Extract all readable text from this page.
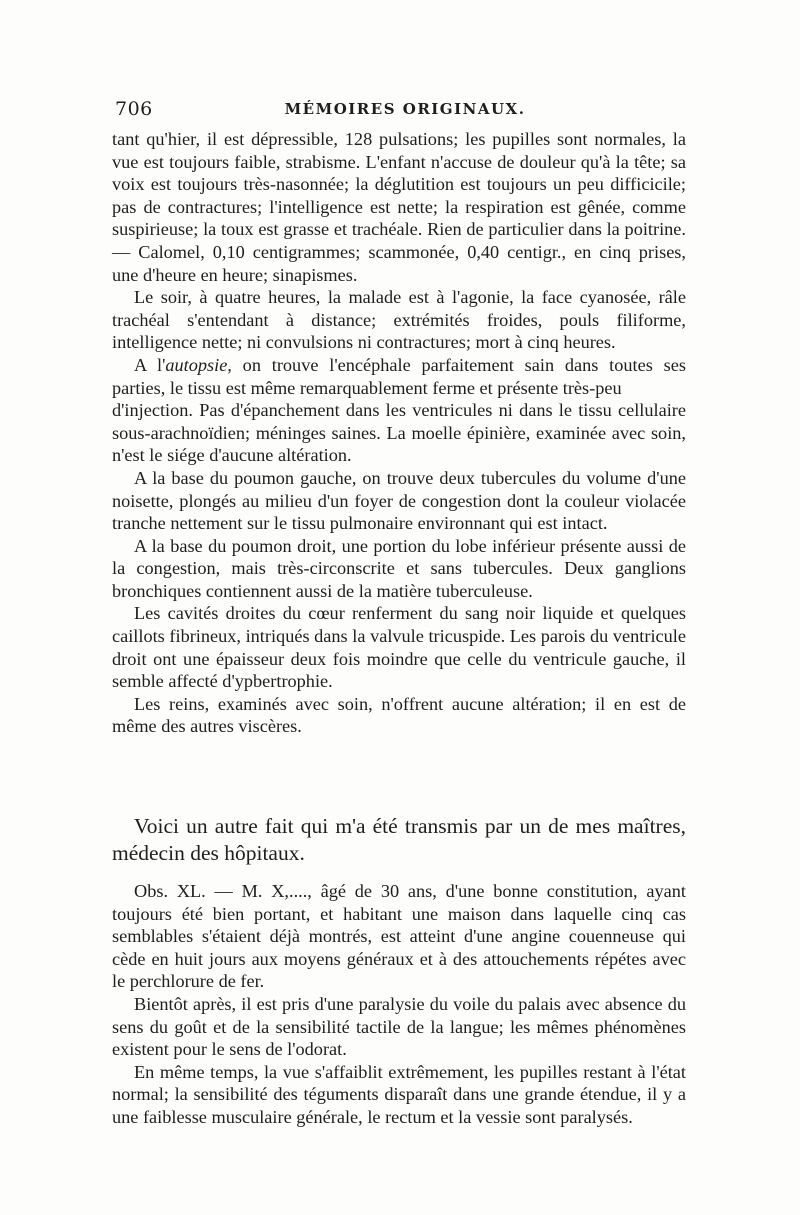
706	MÉMOIRES ORIGINAUX.

tant qu'hier, il est dépressible, 128 pulsations; les pupilles sont normales, la vue est toujours faible, strabisme. L'enfant n'accuse de douleur qu'à la tête; sa voix est toujours très-nasonnée; la déglutition est toujours un peu difficicile; pas de contractures; l'intelligence est nette; la respiration est gênée, comme suspirieuse; la toux est grasse et trachéale. Rien de particulier dans la poitrine. — Calomel, 0,10 centigrammes; scammonée, 0,40 centigr., en cinq prises, une d'heure en heure; sinapismes.

Le soir, à quatre heures, la malade est à l'agonie, la face cyanosée, râle trachéal s'entendant à distance; extrémités froides, pouls filiforme, intelligence nette; ni convulsions ni contractures; mort à cinq heures.

A l'autopsie, on trouve l'encéphale parfaitement sain dans toutes ses parties, le tissu est même remarquablement ferme et présente très-peu

d'injection. Pas d'épanchement dans les ventricules ni dans le tissu cellulaire sous-arachnoïdien; méninges saines. La moelle épinière, examinée avec soin, n'est le siége d'aucune altération.

A la base du poumon gauche, on trouve deux tubercules du volume d'une noisette, plongés au milieu d'un foyer de congestion dont la couleur violacée tranche nettement sur le tissu pulmonaire environnant qui est intact.

A la base du poumon droit, une portion du lobe inférieur présente aussi de la congestion, mais très-circonscrite et sans tubercules. Deux ganglions bronchiques contiennent aussi de la matière tuberculeuse.

Les cavités droites du cœur renferment du sang noir liquide et quelques caillots fibrineux, intriqués dans la valvule tricuspide. Les parois du ventricule droit ont une épaisseur deux fois moindre que celle du ventricule gauche, il semble affecté d'ypbertrophie.

Les reins, examinés avec soin, n'offrent aucune altération; il en est de même des autres viscères.

Voici un autre fait qui m'a été transmis par un de mes maîtres, médecin des hôpitaux.

Obs. XL. — M. X,...., âgé de 30 ans, d'une bonne constitution, ayant toujours été bien portant, et habitant une maison dans laquelle cinq cas semblables s'étaient déjà montrés, est atteint d'une angine couenneuse qui cède en huit jours aux moyens généraux et à des attouchements répétes avec le perchlorure de fer.

Bientôt après, il est pris d'une paralysie du voile du palais avec absence du sens du goût et de la sensibilité tactile de la langue; les mêmes phénomènes existent pour le sens de l'odorat.

En même temps, la vue s'affaiblit extrêmement, les pupilles restant à l'état normal; la sensibilité des téguments disparaît dans une grande étendue, il y a une faiblesse musculaire générale, le rectum et la vessie sont paralysés.
